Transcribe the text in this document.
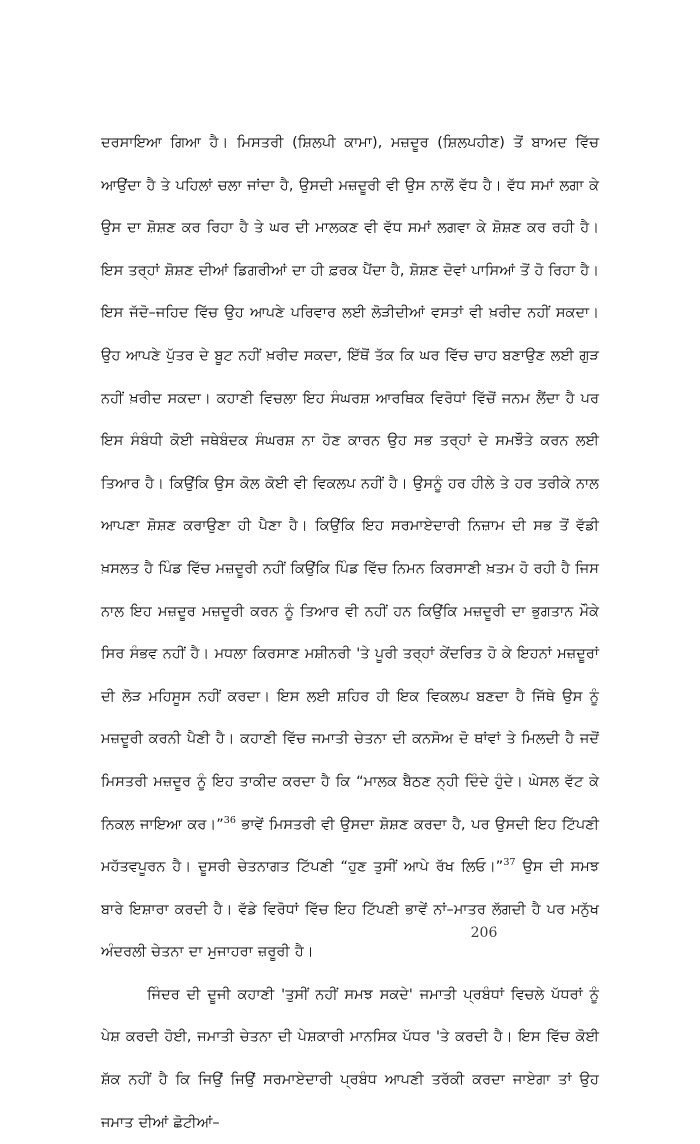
ਦਰਸਾਇਆ ਗਿਆ ਹੈ। ਮਿਸਤਰੀ (ਸ਼ਿਲਪੀ ਕਾਮਾ), ਮਜ਼ਦੂਰ (ਸ਼ਿਲਪਹੀਣ) ਤੋਂ ਬਾਅਦ ਵਿੱਚ ਆਉਂਦਾ ਹੈ ਤੇ ਪਹਿਲਾਂ ਚਲਾ ਜਾਂਦਾ ਹੈ, ਉਸਦੀ ਮਜ਼ਦੂਰੀ ਵੀ ਉਸ ਨਾਲੋਂ ਵੱਧ ਹੈ। ਵੱਧ ਸਮਾਂ ਲਗਾ ਕੇ ਉਸ ਦਾ ਸ਼ੋਸ਼ਣ ਕਰ ਰਿਹਾ ਹੈ ਤੇ ਘਰ ਦੀ ਮਾਲਕਣ ਵੀ ਵੱਧ ਸਮਾਂ ਲਗਵਾ ਕੇ ਸ਼ੋਸ਼ਣ ਕਰ ਰਹੀ ਹੈ। ਇਸ ਤਰ੍ਹਾਂ ਸ਼ੋਸ਼ਣ ਦੀਆਂ ਡਿਗਰੀਆਂ ਦਾ ਹੀ ਫ਼ਰਕ ਪੈਂਦਾ ਹੈ, ਸ਼ੋਸ਼ਣ ਦੋਵਾਂ ਪਾਸਿਆਂ ਤੋਂ ਹੋ ਰਿਹਾ ਹੈ। ਇਸ ਜੱਦੋ–ਜਹਿਦ ਵਿੱਚ ਉਹ ਆਪਣੇ ਪਰਿਵਾਰ ਲਈ ਲੋੜੀਦੀਆਂ ਵਸਤਾਂ ਵੀ ਖ਼ਰੀਦ ਨਹੀਂ ਸਕਦਾ। ਉਹ ਆਪਣੇ ਪੁੱਤਰ ਦੇ ਬੂਟ ਨਹੀਂ ਖ਼ਰੀਦ ਸਕਦਾ, ਇੱਥੋਂ ਤੱਕ ਕਿ ਘਰ ਵਿੱਚ ਚਾਹ ਬਣਾਉਣ ਲਈ ਗੁੜ ਨਹੀਂ ਖ਼ਰੀਦ ਸਕਦਾ। ਕਹਾਣੀ ਵਿਚਲਾ ਇਹ ਸੰਘਰਸ਼ ਆਰਥਿਕ ਵਿਰੋਧਾਂ ਵਿੱਚੋਂ ਜਨਮ ਲੈਂਦਾ ਹੈ ਪਰ ਇਸ ਸੰਬੰਧੀ ਕੋਈ ਜਥੇਬੰਦਕ ਸੰਘਰਸ਼ ਨਾ ਹੋਣ ਕਾਰਨ ਉਹ ਸਭ ਤਰ੍ਹਾਂ ਦੇ ਸਮਝੌਤੇ ਕਰਨ ਲਈ ਤਿਆਰ ਹੈ। ਕਿਉਂਕਿ ਉਸ ਕੋਲ ਕੋਈ ਵੀ ਵਿਕਲਪ ਨਹੀਂ ਹੈ। ਉਸਨੂੰ ਹਰ ਹੀਲੇ ਤੇ ਹਰ ਤਰੀਕੇ ਨਾਲ ਆਪਣਾ ਸ਼ੋਸ਼ਣ ਕਰਾਉਣਾ ਹੀ ਪੈਣਾ ਹੈ। ਕਿਉਂਕਿ ਇਹ ਸਰਮਾਏਦਾਰੀ ਨਿਜ਼ਾਮ ਦੀ ਸਭ ਤੋਂ ਵੱਡੀ ਖ਼ਸਲਤ ਹੈ ਪਿੰਡ ਵਿੱਚ ਮਜ਼ਦੂਰੀ ਨਹੀਂ ਕਿਉਂਕਿ ਪਿੰਡ ਵਿੱਚ ਨਿਮਨ ਕਿਰਸਾਣੀ ਖ਼ਤਮ ਹੋ ਰਹੀ ਹੈ ਜਿਸ ਨਾਲ ਇਹ ਮਜ਼ਦੂਰ ਮਜ਼ਦੂਰੀ ਕਰਨ ਨੂੰ ਤਿਆਰ ਵੀ ਨਹੀਂ ਹਨ ਕਿਉਂਕਿ ਮਜ਼ਦੂਰੀ ਦਾ ਭੁਗਤਾਨ ਮੌਕੇ ਸਿਰ ਸੰਭਵ ਨਹੀਂ ਹੈ। ਮਧਲਾ ਕਿਰਸਾਣ ਮਸ਼ੀਨਰੀ 'ਤੇ ਪੂਰੀ ਤਰ੍ਹਾਂ ਕੇਂਦਰਿਤ ਹੋ ਕੇ ਇਹਨਾਂ ਮਜ਼ਦੂਰਾਂ ਦੀ ਲੋੜ ਮਹਿਸੂਸ ਨਹੀਂ ਕਰਦਾ। ਇਸ ਲਈ ਸ਼ਹਿਰ ਹੀ ਇਕ ਵਿਕਲਪ ਬਣਦਾ ਹੈ ਜਿੱਥੇ ਉਸ ਨੂੰ ਮਜ਼ਦੂਰੀ ਕਰਨੀ ਪੈਣੀ ਹੈ। ਕਹਾਣੀ ਵਿੱਚ ਜਮਾਤੀ ਚੇਤਨਾ ਦੀ ਕਨਸੋਅ ਦੋ ਥਾਂਵਾਂ ਤੇ ਮਿਲਦੀ ਹੈ ਜਦੋਂ ਮਿਸਤਰੀ ਮਜ਼ਦੂਰ ਨੂੰ ਇਹ ਤਾਕੀਦ ਕਰਦਾ ਹੈ ਕਿ “ਮਾਲਕ ਬੈਠਣ ਨ੍ਹੀ ਦਿੰਦੇ ਹੁੰਦੇ। ਘੇਸਲ ਵੱਟ ਕੇ ਨਿਕਲ ਜਾਇਆ ਕਰ।”$^{36}$ ਭਾਵੇਂ ਮਿਸਤਰੀ ਵੀ ਉਸਦਾ ਸ਼ੋਸ਼ਣ ਕਰਦਾ ਹੈ, ਪਰ ਉਸਦੀ ਇਹ ਟਿੱਪਣੀ ਮਹੱਤਵਪੂਰਨ ਹੈ। ਦੂਸਰੀ ਚੇਤਨਾਗਤ ਟਿੱਪਣੀ “ਹੁਣ ਤੁਸੀਂ ਆਪੇ ਰੱਖ ਲਿਓ।”$^{37}$ ਉਸ ਦੀ ਸਮਝ ਬਾਰੇ ਇਸ਼ਾਰਾ ਕਰਦੀ ਹੈ। ਵੱਡੇ ਵਿਰੋਧਾਂ ਵਿੱਚ ਇਹ ਟਿੱਪਣੀ ਭਾਵੇਂ ਨਾਂ–ਮਾਤਰ ਲੱਗਦੀ ਹੈ ਪਰ ਮਨੁੱਖ ਅੰਦਰਲੀ ਚੇਤਨਾ ਦਾ ਮੁਜਾਹਰਾ ਜ਼ਰੂਰੀ ਹੈ।

ਜਿੰਦਰ ਦੀ ਦੂਜੀ ਕਹਾਣੀ 'ਤੁਸੀਂ ਨਹੀਂ ਸਮਝ ਸਕਦੇ' ਜਮਾਤੀ ਪ੍ਰਬੰਧਾਂ ਵਿਚਲੇ ਪੱਧਰਾਂ ਨੂੰ ਪੇਸ਼ ਕਰਦੀ ਹੋਈ, ਜਮਾਤੀ ਚੇਤਨਾ ਦੀ ਪੇਸ਼ਕਾਰੀ ਮਾਨਸਿਕ ਪੱਧਰ 'ਤੇ ਕਰਦੀ ਹੈ। ਇਸ ਵਿੱਚ ਕੋਈ ਸ਼ੱਕ ਨਹੀਂ ਹੈ ਕਿ ਜਿਉਂ ਜਿਉਂ ਸਰਮਾਏਦਾਰੀ ਪ੍ਰਬੰਧ ਆਪਣੀ ਤਰੱਕੀ ਕਰਦਾ ਜਾਏਗਾ ਤਾਂ ਉਹ ਜਮਾਤ ਦੀਆਂ ਛੋਟੀਆਂ–

206
